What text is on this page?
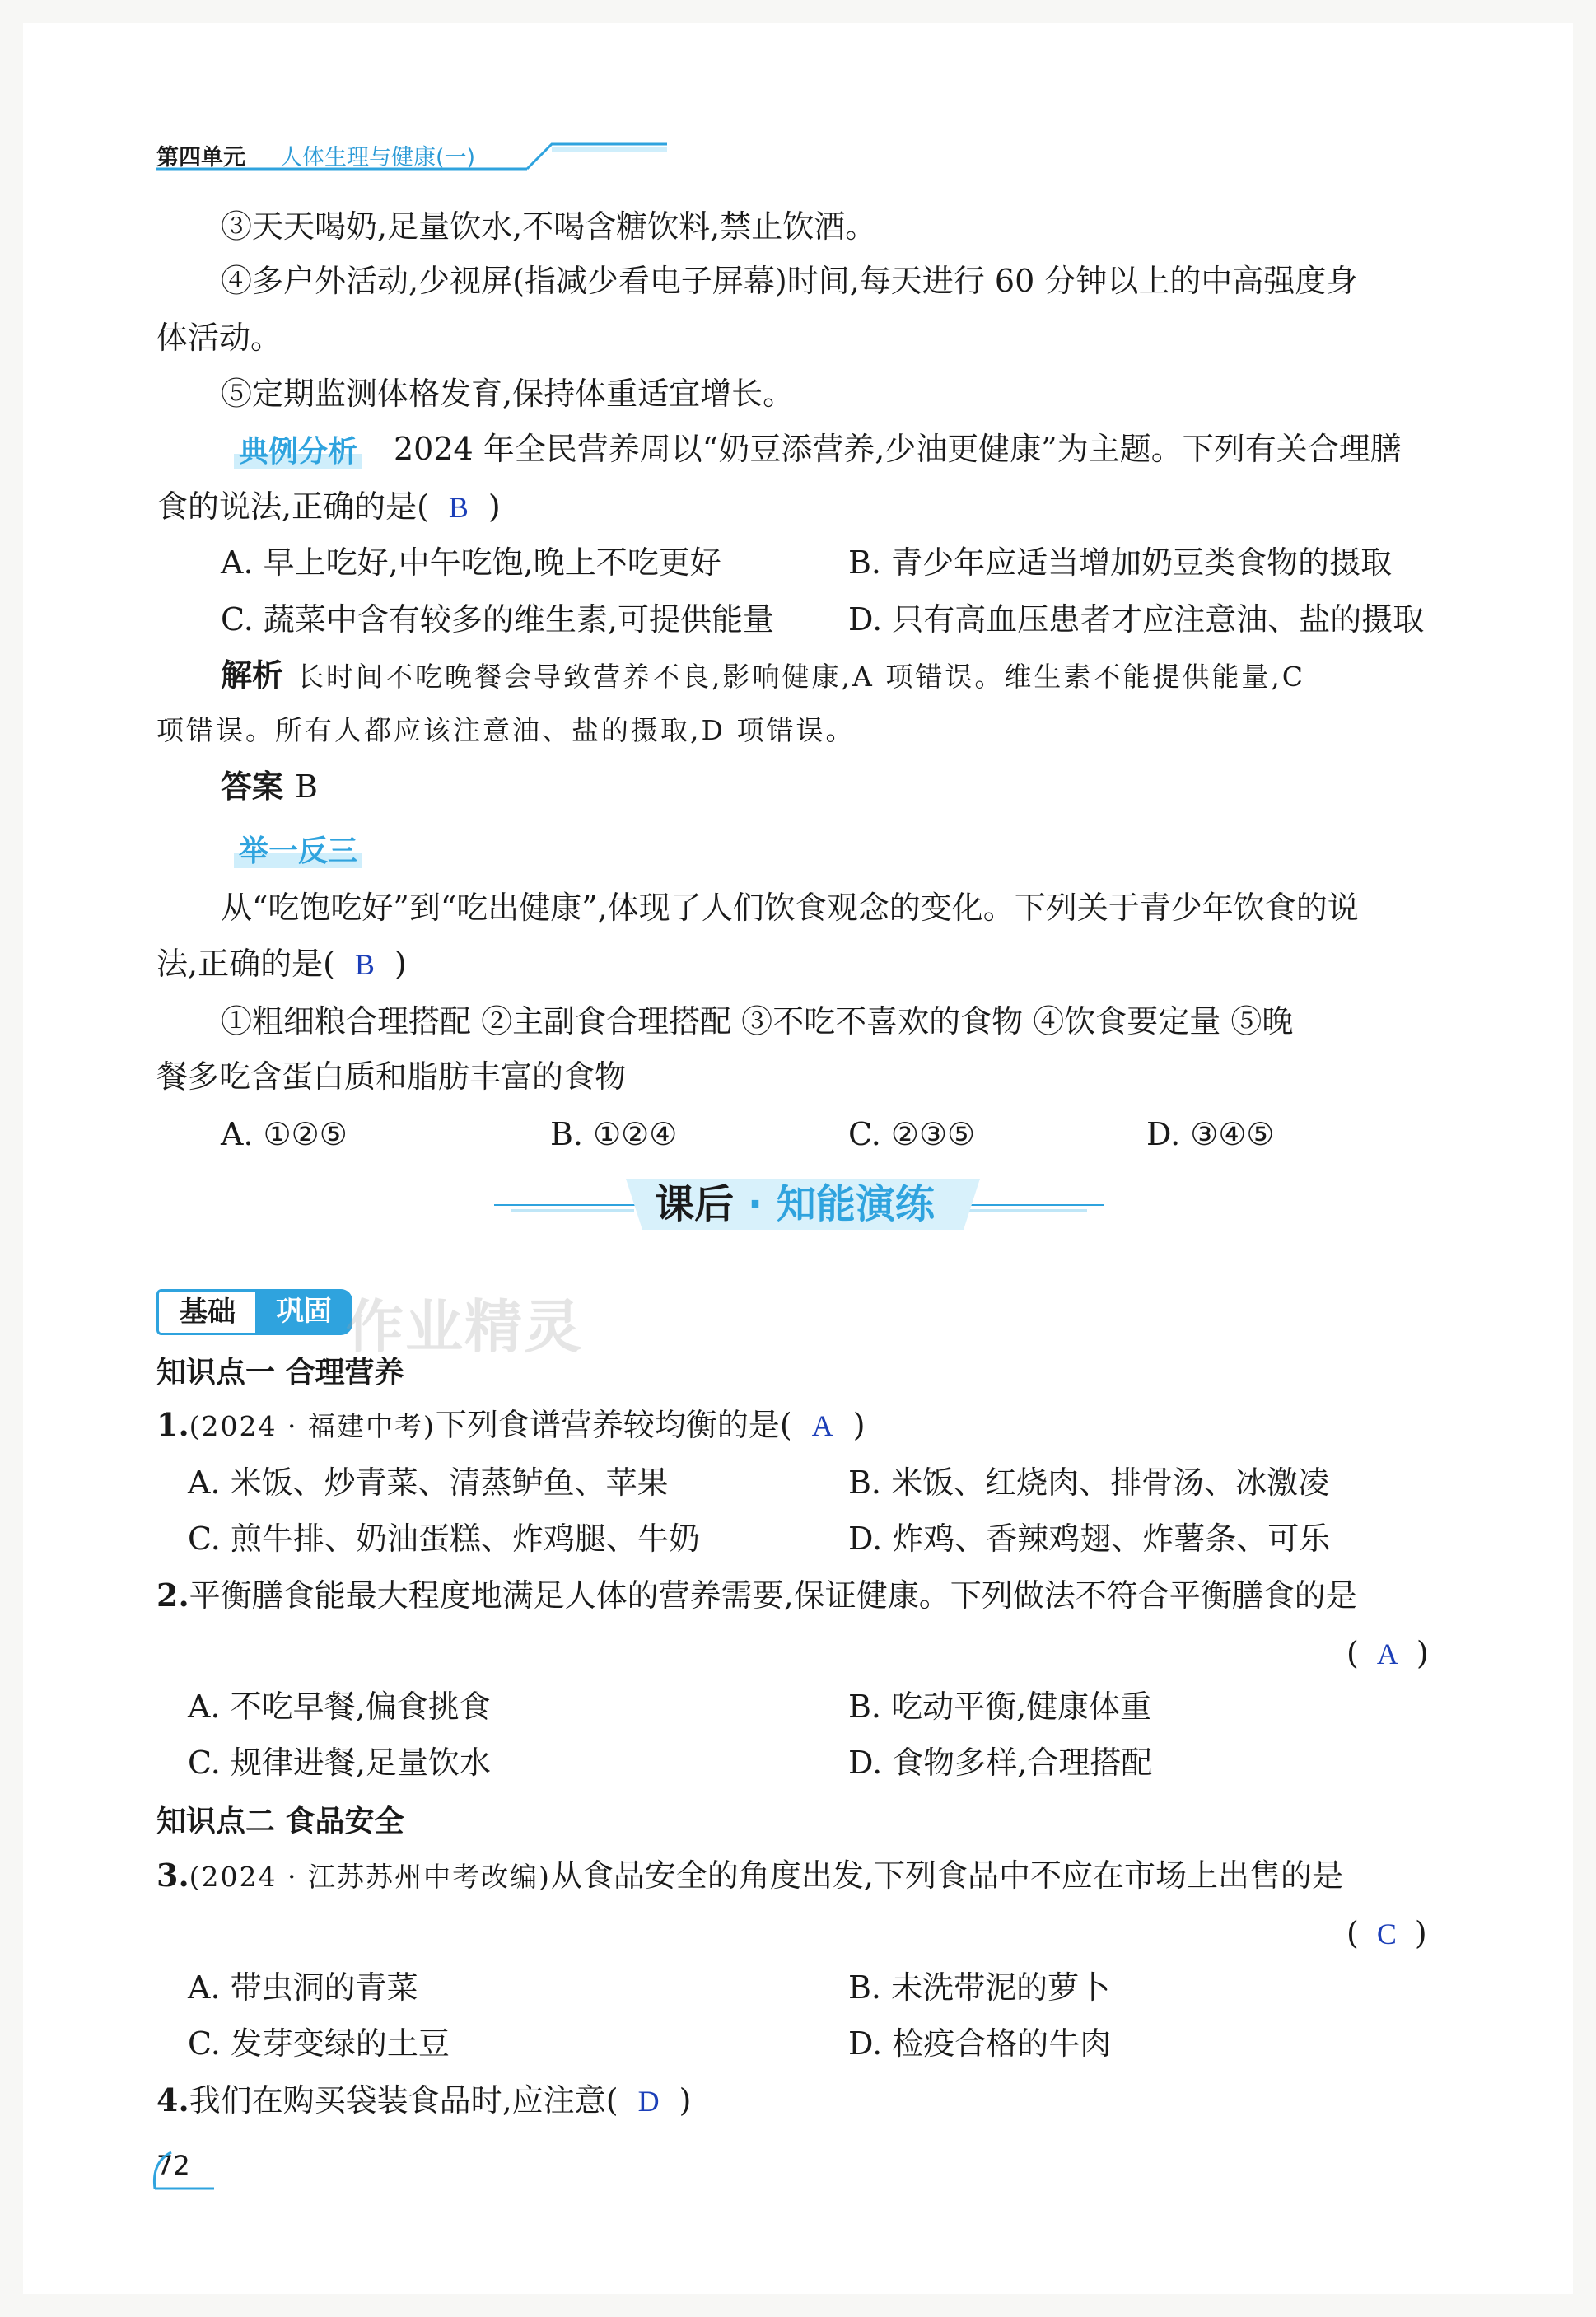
第四单元 人体生理与健康(一)
③天天喝奶,足量饮水,不喝含糖饮料,禁止饮酒。
④多户外活动,少视屏(指减少看电子屏幕)时间,每天进行 60 分钟以上的中高强度身
体活动。
⑤定期监测体格发育,保持体重适宜增长。
典例分析 2024 年全民营养周以“奶豆添营养,少油更健康”为主题。下列有关合理膳
食的说法,正确的是( B )
A. 早上吃好,中午吃饱,晚上不吃更好	B. 青少年应适当增加奶豆类食物的摄取
C. 蔬菜中含有较多的维生素,可提供能量 D. 只有高血压患者才应注意油、盐的摄取
解析 长时间不吃晚餐会导致营养不良,影响健康,A 项错误。维生素不能提供能量,C
项错误。所有人都应该注意油、盐的摄取,D 项错误。
答案 B
举一反三
从“吃饱吃好”到“吃出健康”,体现了人们饮食观念的变化。下列关于青少年饮食的说
法,正确的是( B )
①粗细粮合理搭配 ②主副食合理搭配 ③不吃不喜欢的食物 ④饮食要定量 ⑤晚
餐多吃含蛋白质和脂肪丰富的食物
A. ①②⑤	B. ①②④	C. ②③⑤	D. ③④⑤
课后 · 知能演练
基础	巩固 作业精灵
知识点一 合理营养
1.(2024 · 福建中考)下列食谱营养较均衡的是( A )
A. 米饭、炒青菜、清蒸鲈鱼、苹果	B. 米饭、红烧肉、排骨汤、冰激凌
C. 煎牛排、奶油蛋糕、炸鸡腿、牛奶	D. 炸鸡、香辣鸡翅、炸薯条、可乐
2.平衡膳食能最大程度地满足人体的营养需要,保证健康。下列做法不符合平衡膳食的是
( A )
A. 不吃早餐,偏食挑食	B. 吃动平衡,健康体重
C. 规律进餐,足量饮水	D. 食物多样,合理搭配
知识点二 食品安全
3.(2024 · 江苏苏州中考改编)从食品安全的角度出发,下列食品中不应在市场上出售的是
( C )
A. 带虫洞的青菜	B. 未洗带泥的萝卜
C. 发芽变绿的土豆	D. 检疫合格的牛肉
4.我们在购买袋装食品时,应注意( D )
72
